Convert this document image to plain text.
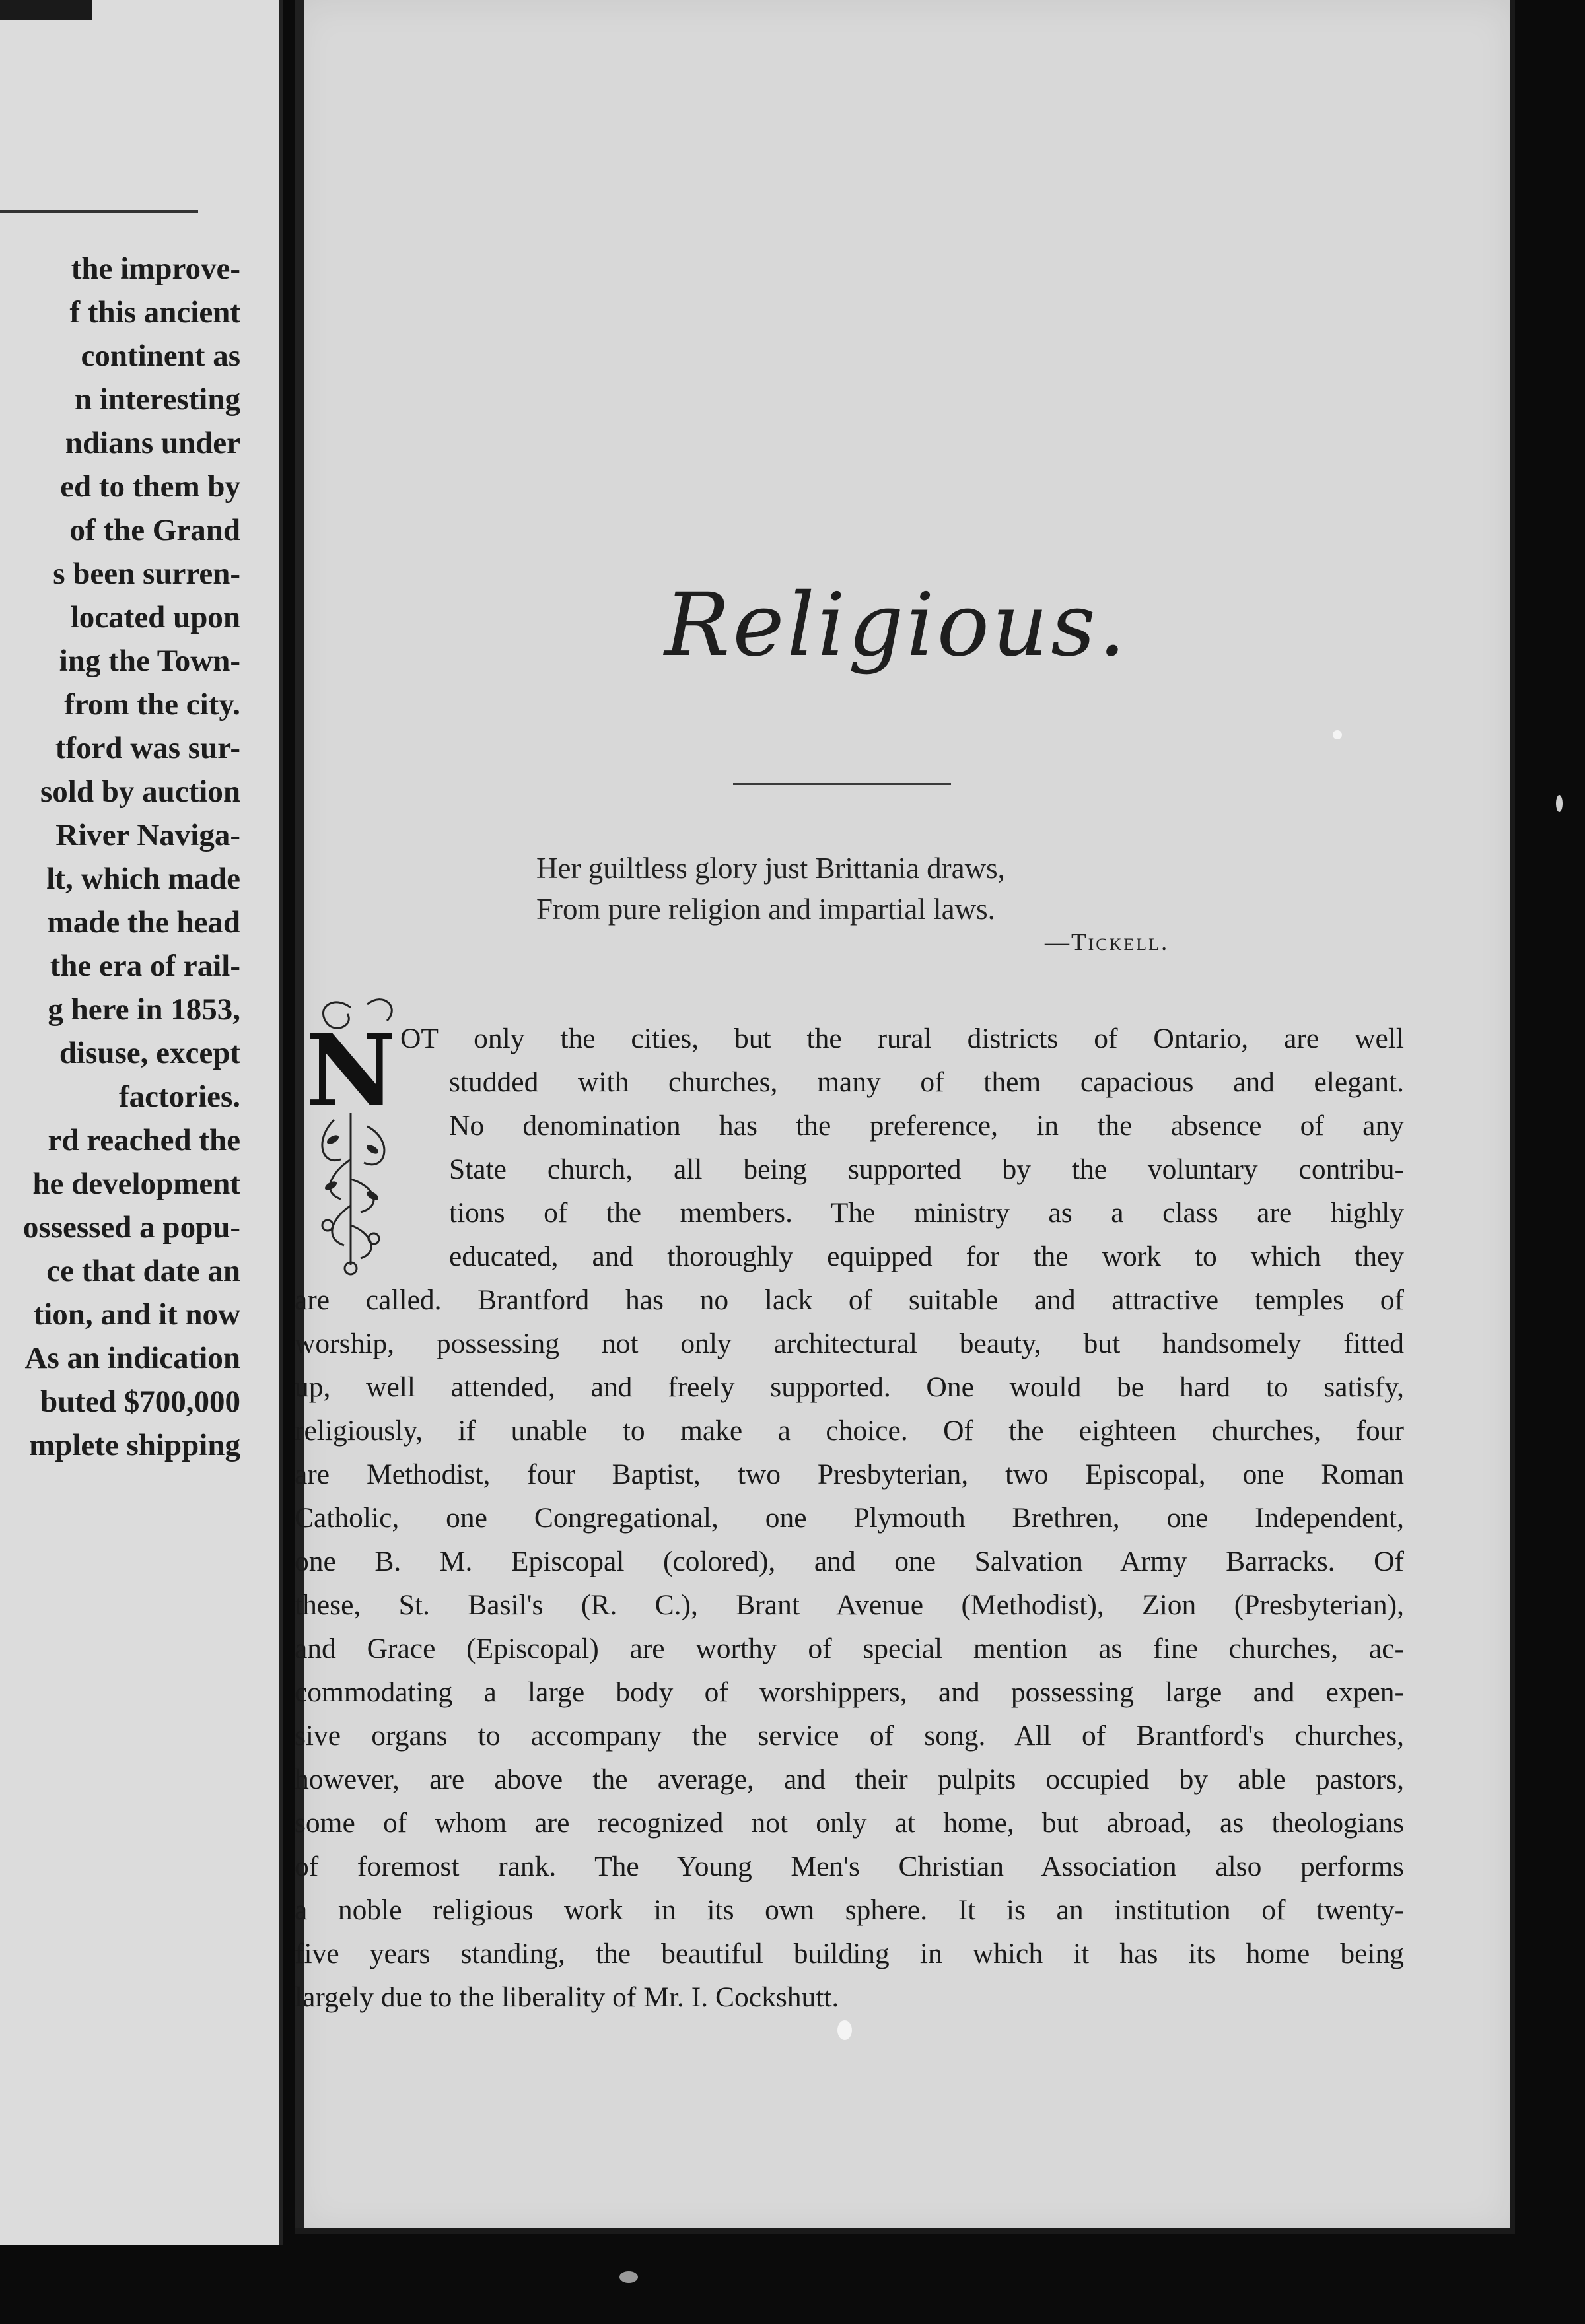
the improve-
f this ancient
continent as
n interesting
ndians under
ed to them by
of the Grand
s been surren-
located upon
ing the Town-
from the city.
tford was sur-
sold by auction
River Naviga-
lt, which made
made the head
the era of rail-
g here in 1853,
disuse, except
factories.
rd reached the
he development
ossessed a popu-
ce that date an
tion, and it now
As an indication
buted $700,000
mplete shipping
Religious.
Her guiltless glory just Brittania draws,
From pure religion and impartial laws.
—Tickell.
N OT only the cities, but the rural districts of Ontario, are well
studded with churches, many of them capacious and elegant.
No denomination has the preference, in the absence of any
State church, all being supported by the voluntary contribu-
tions of the members. The ministry as a class are highly
educated, and thoroughly equipped for the work to which they
are called. Brantford has no lack of suitable and attractive temples of
worship, possessing not only architectural beauty, but handsomely fitted
up, well attended, and freely supported. One would be hard to satisfy,
religiously, if unable to make a choice. Of the eighteen churches, four
are Methodist, four Baptist, two Presbyterian, two Episcopal, one Roman
Catholic, one Congregational, one Plymouth Brethren, one Independent,
one B. M. Episcopal (colored), and one Salvation Army Barracks. Of
these, St. Basil's (R. C.), Brant Avenue (Methodist), Zion (Presbyterian),
and Grace (Episcopal) are worthy of special mention as fine churches, ac-
commodating a large body of worshippers, and possessing large and expen-
sive organs to accompany the service of song. All of Brantford's churches,
however, are above the average, and their pulpits occupied by able pastors,
some of whom are recognized not only at home, but abroad, as theologians
of foremost rank. The Young Men's Christian Association also performs
a noble religious work in its own sphere. It is an institution of twenty-
five years standing, the beautiful building in which it has its home being
largely due to the liberality of Mr. I. Cockshutt.
